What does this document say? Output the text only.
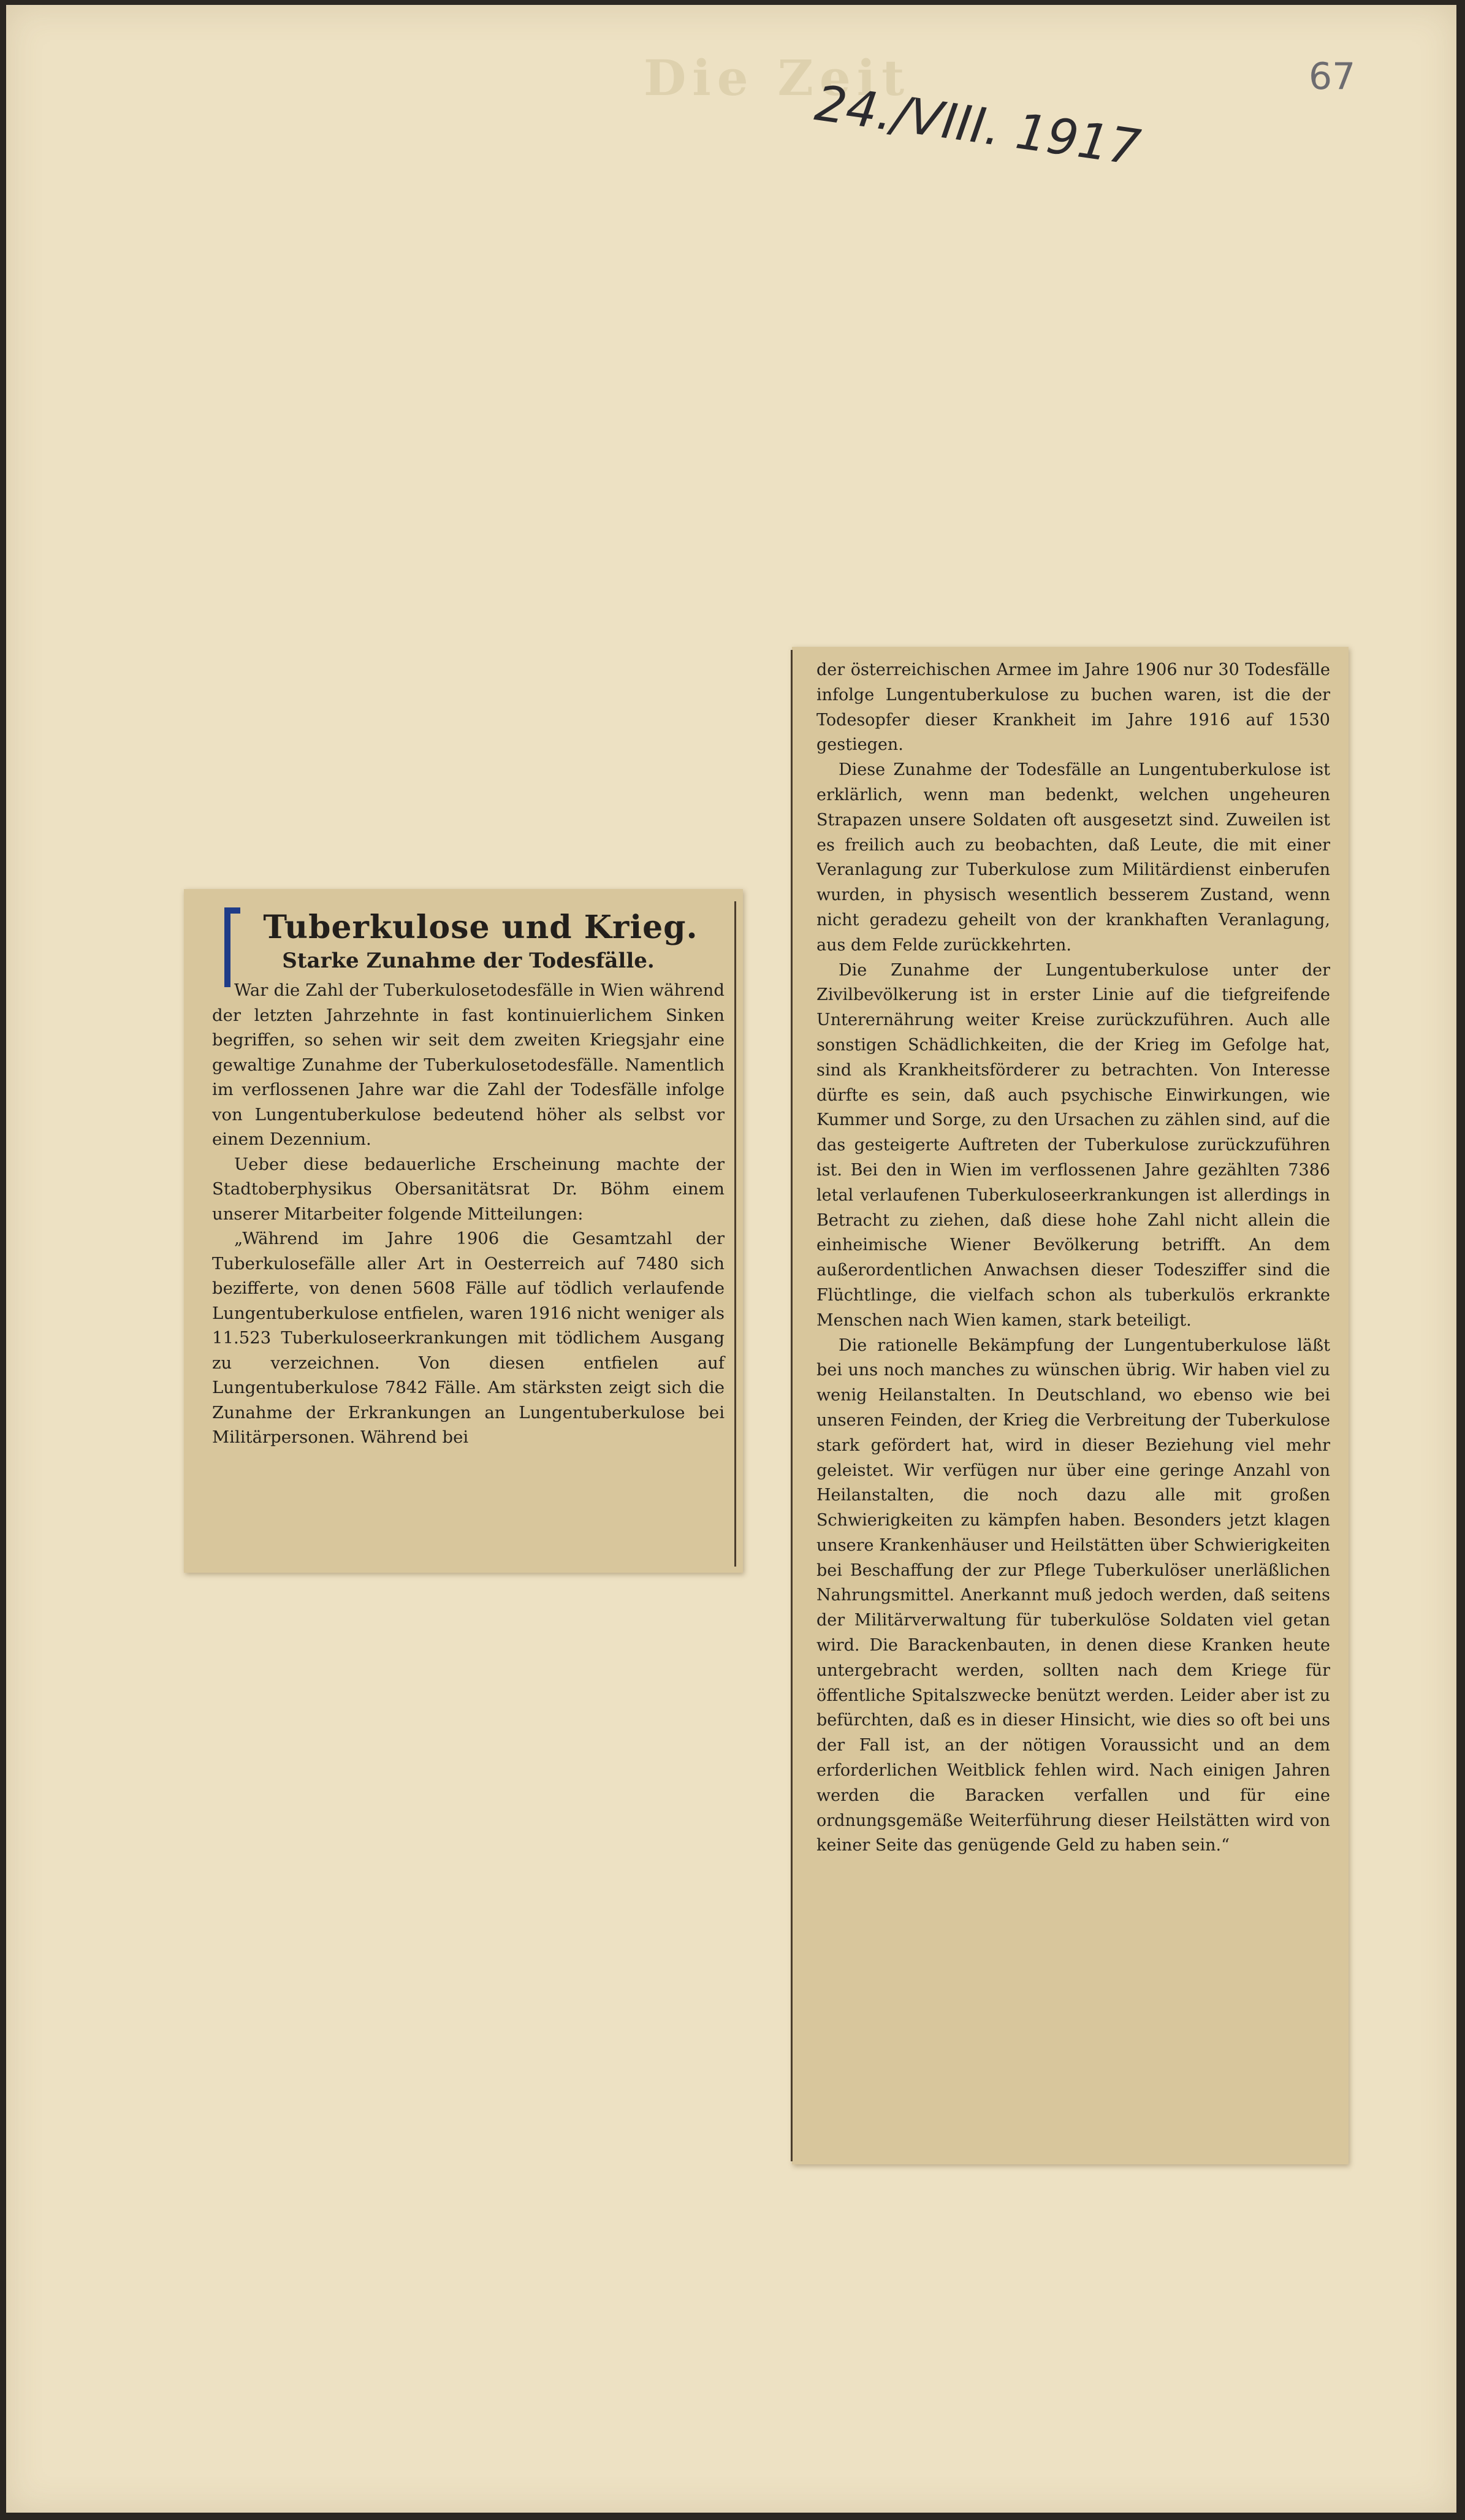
Die Zeit
24./VIII. 1917	67
Tuberkulose und Krieg.
Starke Zunahme der Todesfälle.

War die Zahl der Tuberkulosetodesfälle in Wien während der letzten Jahrzehnte in fast kontinuierlichem Sinken begriffen, so sehen wir seit dem zweiten Kriegsjahr eine gewaltige Zunahme der Tuberkulosetodesfälle. Namentlich im verflossenen Jahre war die Zahl der Todesfälle infolge von Lungentuberkulose bedeutend höher als selbst vor einem Dezennium.

Ueber diese bedauerliche Erscheinung machte der Stadtoberphysikus Obersanitätsrat Dr. Böhm einem unserer Mitarbeiter folgende Mitteilungen:

„Während im Jahre 1906 die Gesamtzahl der Tuberkulosefälle aller Art in Oesterreich auf 7480 sich bezifferte, von denen 5608 Fälle auf tödlich verlaufende Lungentuberkulose entfielen, waren 1916 nicht weniger als 11.523 Tuberkuloseerkrankungen mit tödlichem Ausgang zu verzeichnen. Von diesen entfielen auf Lungentuberkulose 7842 Fälle. Am stärksten zeigt sich die Zunahme der Erkrankungen an Lungentuberkulose bei Militärpersonen. Während bei

der österreichischen Armee im Jahre 1906 nur 30 Todesfälle infolge Lungentuberkulose zu buchen waren, ist die der Todesopfer dieser Krankheit im Jahre 1916 auf 1530 gestiegen.

Diese Zunahme der Todesfälle an Lungentuberkulose ist erklärlich, wenn man bedenkt, welchen ungeheuren Strapazen unsere Soldaten oft ausgesetzt sind. Zuweilen ist es freilich auch zu beobachten, daß Leute, die mit einer Veranlagung zur Tuberkulose zum Militärdienst einberufen wurden, in physisch wesentlich besserem Zustand, wenn nicht geradezu geheilt von der krankhaften Veranlagung, aus dem Felde zurückkehrten.

Die Zunahme der Lungentuberkulose unter der Zivilbevölkerung ist in erster Linie auf die tiefgreifende Unterernährung weiter Kreise zurückzuführen. Auch alle sonstigen Schädlichkeiten, die der Krieg im Gefolge hat, sind als Krankheitsförderer zu betrachten. Von Interesse dürfte es sein, daß auch psychische Einwirkungen, wie Kummer und Sorge, zu den Ursachen zu zählen sind, auf die das gesteigerte Auftreten der Tuberkulose zurückzuführen ist. Bei den in Wien im verflossenen Jahre gezählten 7386 letal verlaufenen Tuberkuloseerkrankungen ist allerdings in Betracht zu ziehen, daß diese hohe Zahl nicht allein die einheimische Wiener Bevölkerung betrifft. An dem außerordentlichen Anwachsen dieser Todesziffer sind die Flüchtlinge, die vielfach schon als tuberkulös erkrankte Menschen nach Wien kamen, stark beteiligt.

Die rationelle Bekämpfung der Lungentuberkulose läßt bei uns noch manches zu wünschen übrig. Wir haben viel zu wenig Heilanstalten. In Deutschland, wo ebenso wie bei unseren Feinden, der Krieg die Verbreitung der Tuberkulose stark gefördert hat, wird in dieser Beziehung viel mehr geleistet. Wir verfügen nur über eine geringe Anzahl von Heilanstalten, die noch dazu alle mit großen Schwierigkeiten zu kämpfen haben. Besonders jetzt klagen unsere Krankenhäuser und Heilstätten über Schwierigkeiten bei Beschaffung der zur Pflege Tuberkulöser unerläßlichen Nahrungsmittel. Anerkannt muß jedoch werden, daß seitens der Militärverwaltung für tuberkulöse Soldaten viel getan wird. Die Barackenbauten, in denen diese Kranken heute untergebracht werden, sollten nach dem Kriege für öffentliche Spitalszwecke benützt werden. Leider aber ist zu befürchten, daß es in dieser Hinsicht, wie dies so oft bei uns der Fall ist, an der nötigen Voraussicht und an dem erforderlichen Weitblick fehlen wird. Nach einigen Jahren werden die Baracken verfallen und für eine ordnungsgemäße Weiterführung dieser Heilstätten wird von keiner Seite das genügende Geld zu haben sein.“
